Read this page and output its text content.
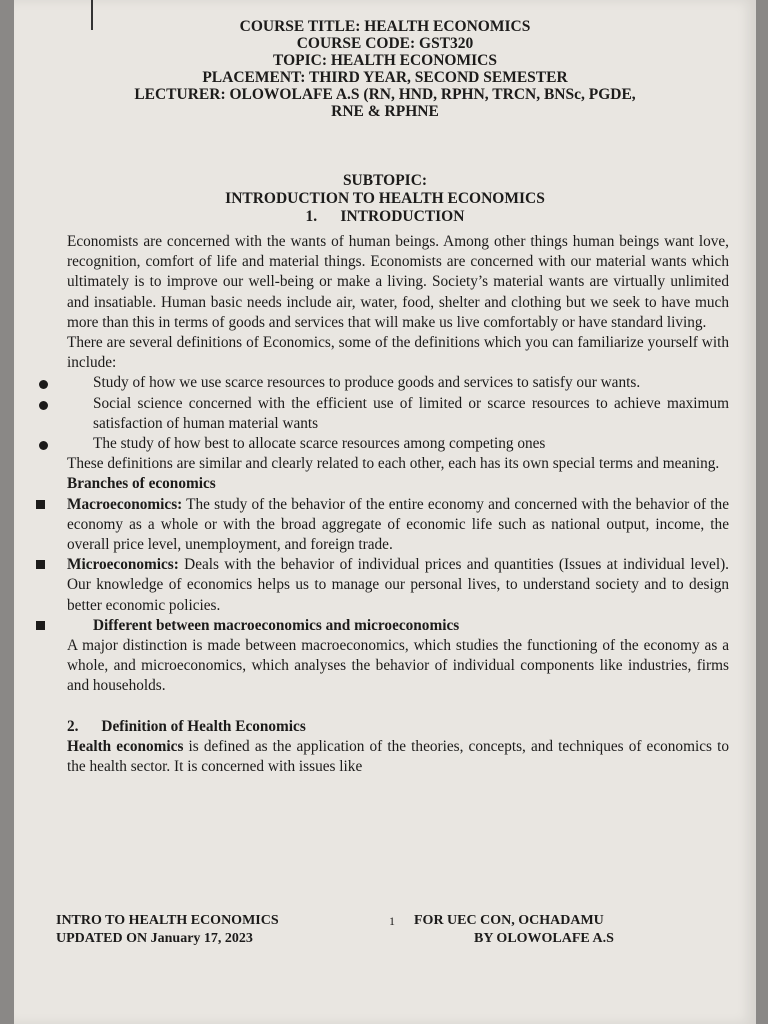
COURSE TITLE: HEALTH ECONOMICS
COURSE CODE: GST320
TOPIC: HEALTH ECONOMICS
PLACEMENT: THIRD YEAR, SECOND SEMESTER
LECTURER: OLOWOLAFE A.S (RN, HND, RPHN, TRCN, BNSc, PGDE,
RNE & RPHNE
SUBTOPIC:
INTRODUCTION TO HEALTH ECONOMICS
1.      INTRODUCTION

Economists are concerned with the wants of human beings. Among other things human beings want love, recognition, comfort of life and material things. Economists are concerned with our material wants which ultimately is to improve our well-being or make a living. Society’s material wants are virtually unlimited and insatiable. Human basic needs include air, water, food, shelter and clothing but we seek to have much more than this in terms of goods and services that will make us live comfortably or have standard living.

There are several definitions of Economics, some of the definitions which you can familiarize yourself with include:

Study of how we use scarce resources to produce goods and services to satisfy our wants.

Social science concerned with the efficient use of limited or scarce resources to achieve maximum satisfaction of human material wants

The study of how best to allocate scarce resources among competing ones

These definitions are similar and clearly related to each other, each has its own special terms and meaning.

Branches of economics

Macroeconomics: The study of the behavior of the entire economy and concerned with the behavior of the economy as a whole or with the broad aggregate of economic life such as national output, income, the overall price level, unemployment, and foreign trade.

Microeconomics: Deals with the behavior of individual prices and quantities (Issues at individual level). Our knowledge of economics helps us to manage our personal lives, to understand society and to design better economic policies.

Different between macroeconomics and microeconomics

A major distinction is made between macroeconomics, which studies the functioning of the economy as a whole, and microeconomics, which analyses the behavior of individual components like industries, firms and households.

2.      Definition of Health Economics

Health economics is defined as the application of the theories, concepts, and techniques of economics to the health sector. It is concerned with issues like

INTRO TO HEALTH ECONOMICS
UPDATED ON January 17, 2023
1 FOR UEC CON, OCHADAMU
BY OLOWOLAFE A.S
